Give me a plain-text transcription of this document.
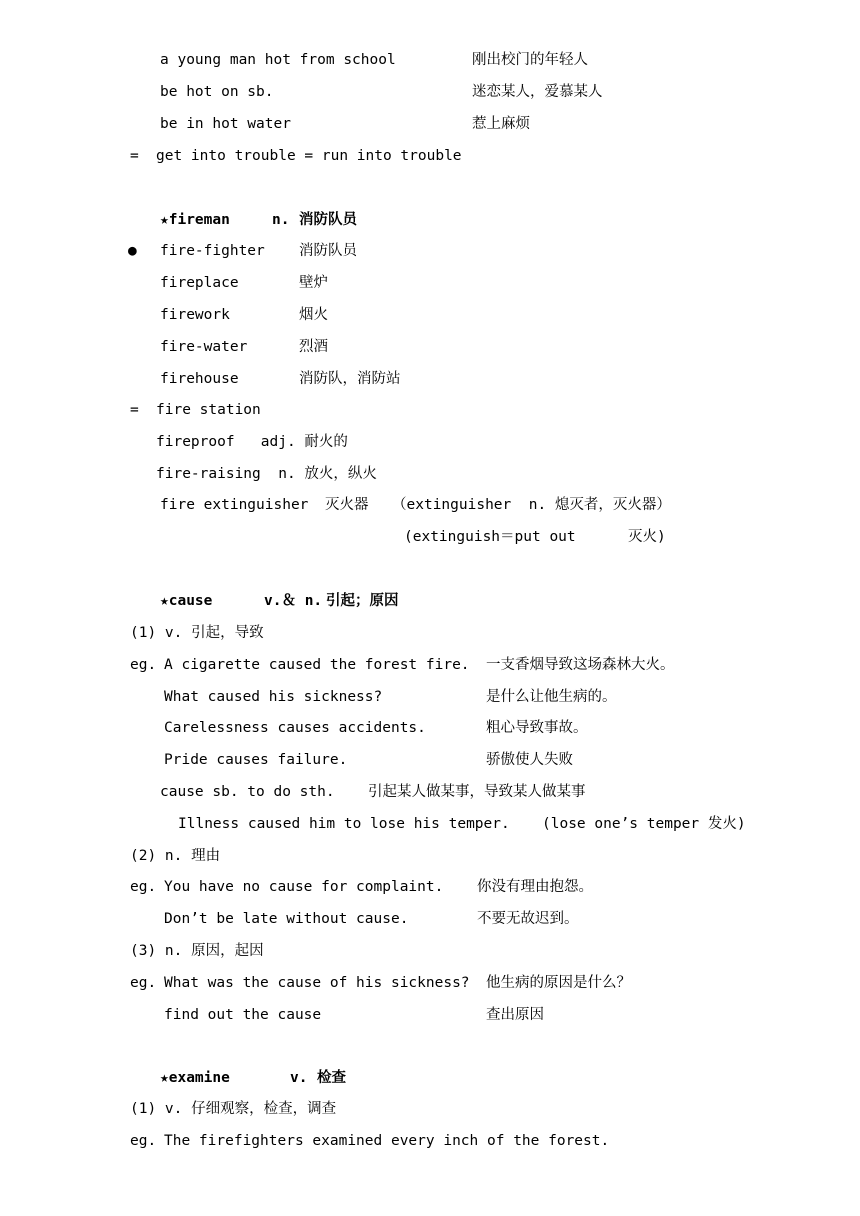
a young man hot from school	刚出校门的年轻人
be hot on sb.	迷恋某人，爱慕某人
be in hot water	惹上麻烦
= get into trouble = run into trouble
★fireman	n. 消防队员
● fire-fighter 消防队员
fireplace	壁炉
firework	烟火
fire-water	烈酒
firehouse	消防队，消防站
= fire station
fireproof   adj. 耐火的
fire-raising  n. 放火，纵火
fire extinguisher 灭火器 （extinguisher  n. 熄灭者，灭火器）
(extinguish＝put out      灭火)
★cause	v.＆ n. 引起；原因
(1) v. 引起，导致
eg. A cigarette caused the forest fire. 一支香烟导致这场森林大火。
What caused his sickness?	是什么让他生病的。
Carelessness causes accidents.	粗心导致事故。
Pride causes failure.	骄傲使人失败
cause sb. to do sth. 引起某人做某事，导致某人做某事
Illness caused him to lose his temper. (lose one’s temper 发火)
(2) n. 理由
eg. You have no cause for complaint. 你没有理由抱怨。
Don’t be late without cause.	不要无故迟到。
(3) n. 原因，起因
eg. What was the cause of his sickness? 他生病的原因是什么？
find out the cause	查出原因
★examine	v. 检查
(1) v. 仔细观察，检查，调查
eg. The firefighters examined every inch of the forest.
